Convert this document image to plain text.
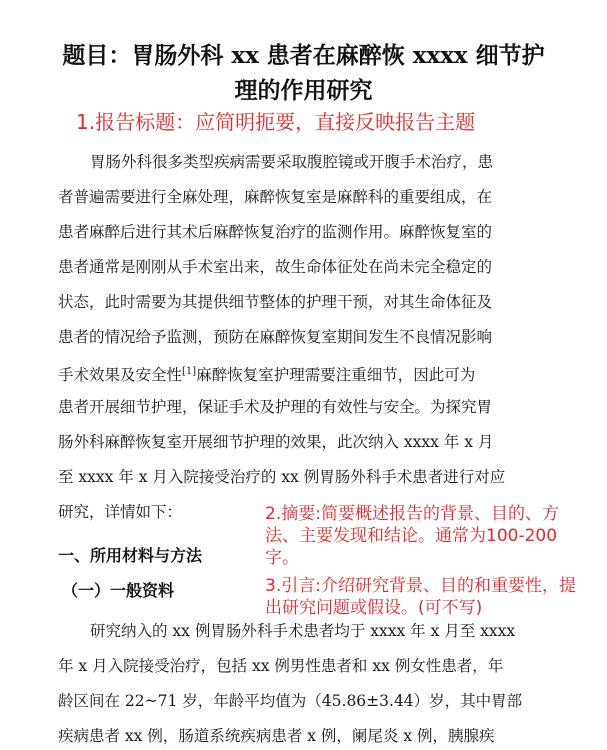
题目：胃肠外科 xx 患者在麻醉恢 xxxx 细节护
理的作用研究
1.报告标题：应简明扼要，直接反映报告主题
胃肠外科很多类型疾病需要采取腹腔镜或开腹手术治疗，患
者普遍需要进行全麻处理，麻醉恢复室是麻醉科的重要组成，在
患者麻醉后进行其术后麻醉恢复治疗的监测作用。麻醉恢复室的
患者通常是刚刚从手术室出来，故生命体征处在尚未完全稳定的
状态，此时需要为其提供细节整体的护理干预，对其生命体征及
患者的情况给予监测，预防在麻醉恢复室期间发生不良情况影响
手术效果及安全性[1]麻醉恢复室护理需要注重细节，因此可为
患者开展细节护理，保证手术及护理的有效性与安全。为探究胃
肠外科麻醉恢复室开展细节护理的效果，此次纳入 xxxx 年 x 月
至 xxxx 年 x 月入院接受治疗的 xx 例胃肠外科手术患者进行对应
研究，详情如下：	2.摘要:简要概述报告的背景、目的、方
法、主要发现和结论。通常为100-200
字。
一、所用材料与方法
（一）一般资料	3.引言:介绍研究背景、目的和重要性，提
出研究问题或假设。(可不写)
研究纳入的 xx 例胃肠外科手术患者均于 xxxx 年 x 月至 xxxx
年 x 月入院接受治疗，包括 xx 例男性患者和 xx 例女性患者，年
龄区间在 22~71 岁，年龄平均值为（45.86±3.44）岁，其中胃部
疾病患者 xx 例，肠道系统疾病患者 x 例，阑尾炎 x 例，胰腺疾
